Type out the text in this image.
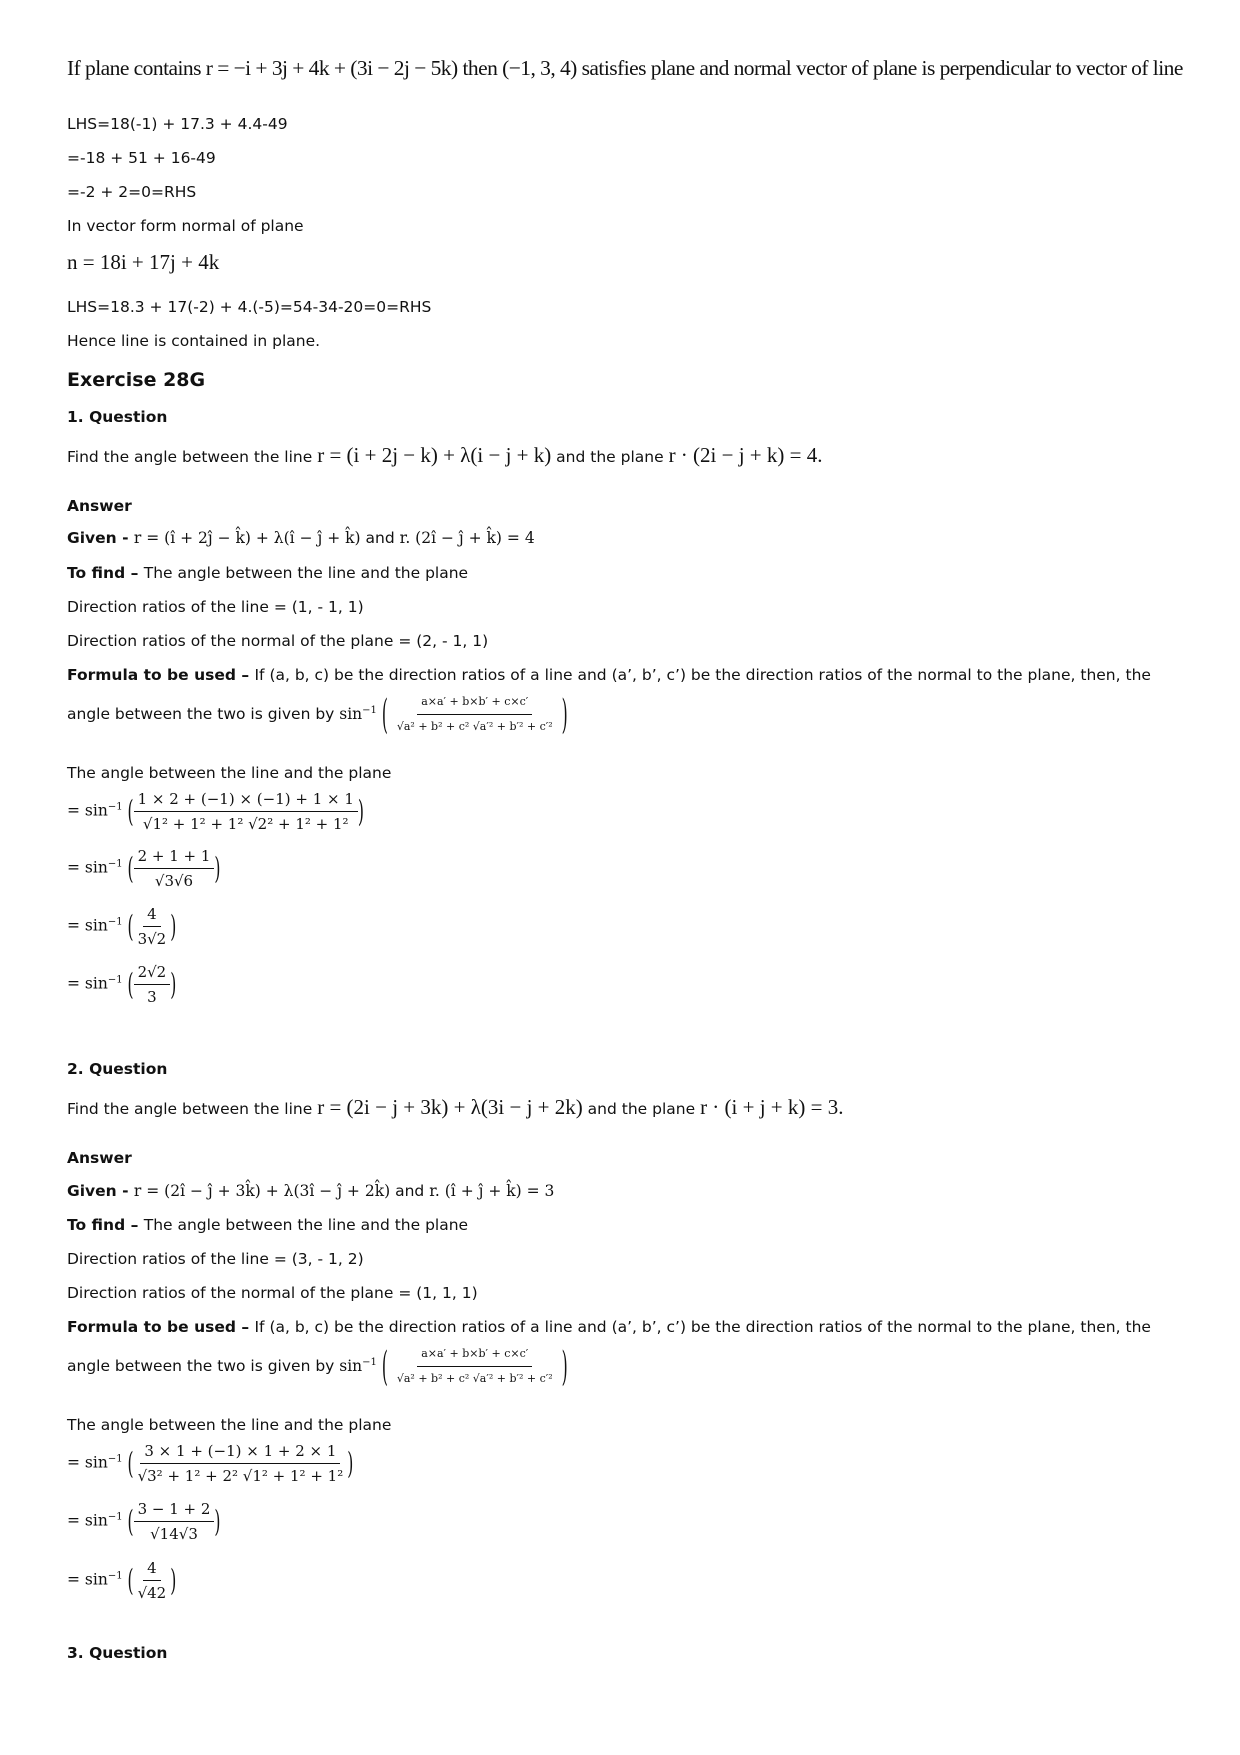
If plane contains r = −i + 3j + 4k + (3i − 2j − 5k) then (−1, 3, 4) satisfies plane and normal vector of plane is perpendicular to vector of line
LHS=18(-1) + 17.3 + 4.4-49
=-18 + 51 + 16-49
=-2 + 2=0=RHS
In vector form normal of plane
n = 18i + 17j + 4k
LHS=18.3 + 17(-2) + 4.(-5)=54-34-20=0=RHS
Hence line is contained in plane.
Exercise 28G
1. Question
Find the angle between the line r = (i + 2j − k) + λ(i − j + k) and the plane r · (2i − j + k) = 4.
Answer
Given - r = (î + 2ĵ − k̂) + λ(î − ĵ + k̂) and r. (2î − ĵ + k̂) = 4
To find – The angle between the line and the plane
Direction ratios of the line = (1, - 1, 1)
Direction ratios of the normal of the plane = (2, - 1, 1)
Formula to be used – If (a, b, c) be the direction ratios of a line and (a’, b’, c’) be the direction ratios of the normal to the plane, then, the
angle between the two is given by $\sin^{-1}$ ( $\frac{a\times a' + b\times b' + c\times c'}{\text{√a² + b² + c² √a′² + b′² + c′²}}$ )
The angle between the line and the plane
= $\sin^{-1}$ ( $\frac{1 \times 2 + (-1) \times (-1) + 1 \times 1}{\text{√1² + 1² + 1² √2² + 1² + 1²}}$ )
= $\sin^{-1}$ ( $\frac{2 + 1 + 1}{√3√6}$ )
= $\sin^{-1}$ ( $\frac{4}{3√2}$ )
= $\sin^{-1}$ ( $\frac{2√2}{3}$ )
2. Question
Find the angle between the line r = (2i − j + 3k) + λ(3i − j + 2k) and the plane r · (i + j + k) = 3.
Answer
Given - r = (2î − ĵ + 3k̂) + λ(3î − ĵ + 2k̂) and r. (î + ĵ + k̂) = 3
To find – The angle between the line and the plane
Direction ratios of the line = (3, - 1, 2)
Direction ratios of the normal of the plane = (1, 1, 1)
Formula to be used – If (a, b, c) be the direction ratios of a line and (a’, b’, c’) be the direction ratios of the normal to the plane, then, the
angle between the two is given by $\sin^{-1}$ ( $\frac{a\times a' + b\times b' + c\times c'}{\text{√a² + b² + c² √a′² + b′² + c′²}}$ )
The angle between the line and the plane
= $\sin^{-1}$ ( $\frac{3 \times 1 + (-1) \times 1 + 2 \times 1}{\text{√3² + 1² + 2² √1² + 1² + 1²}}$ )
= $\sin^{-1}$ ( $\frac{3 - 1 + 2}{√14√3}$ )
= $\sin^{-1}$ ( $\frac{4}{√42}$ )
3. Question
